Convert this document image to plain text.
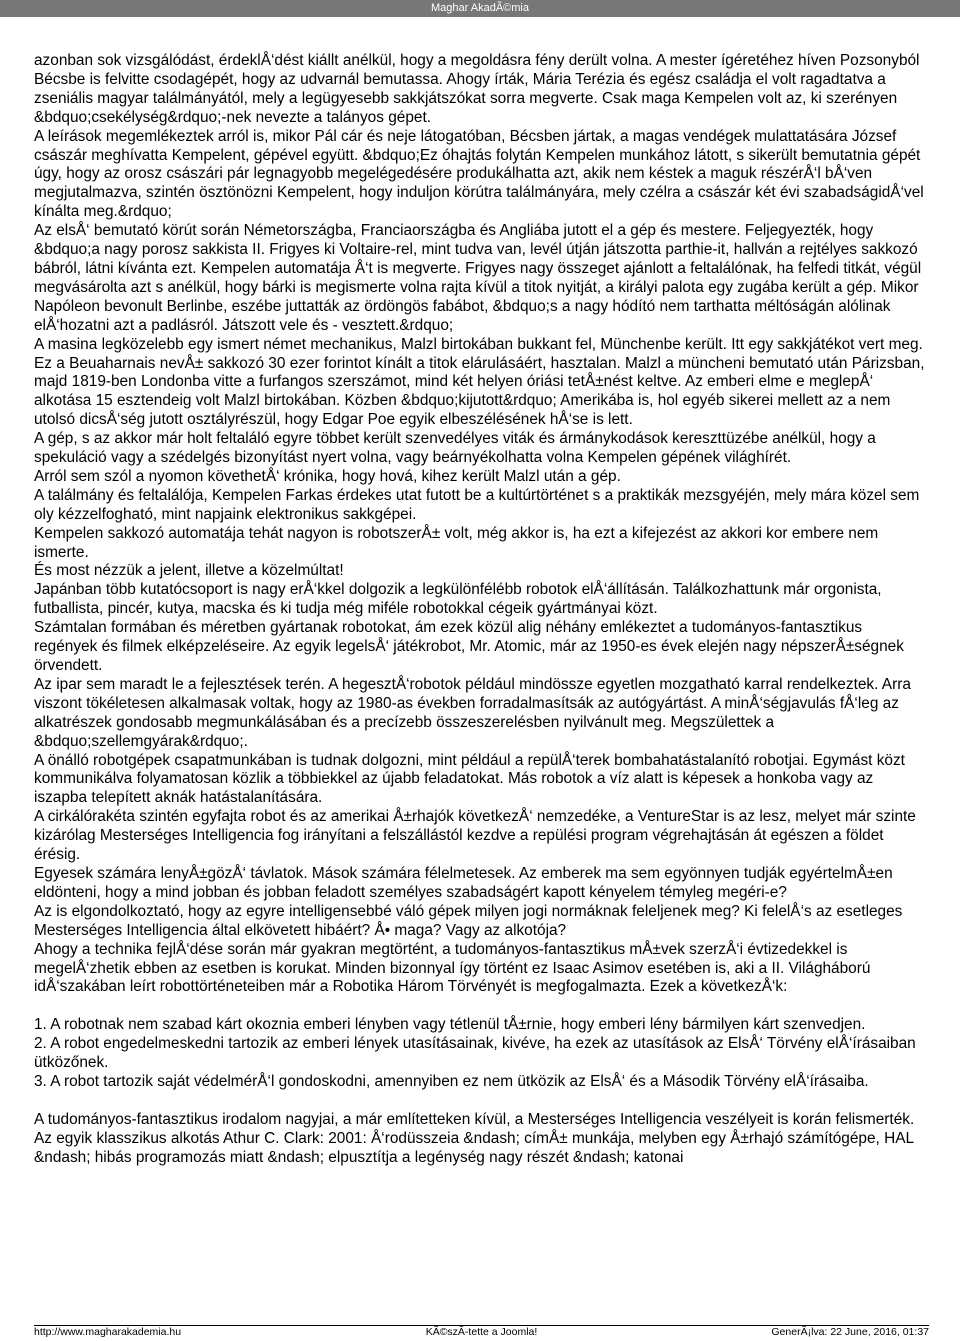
Maghar AkadÃ©mia

azonban sok vizsgálódást, érdeklÅ‘dést kiállt anélkül, hogy a megoldásra fény derült volna. A mester ígéretéhez híven Pozsonyból Bécsbe is felvitte csodagépét, hogy az udvarnál bemutassa. Ahogy írták, Mária Terézia és egész családja el volt ragadtatva a zseniális magyar találmányától, mely a legügyesebb sakkjátszókat sorra megverte. Csak maga Kempelen volt az, ki szerényen &bdquo;csekélység&rdquo;-nek nevezte a talányos gépet.

A leírások megemlékeztek arról is, mikor Pál cár és neje látogatóban, Bécsben jártak, a magas vendégek mulattatására József császár meghívatta Kempelent, gépével együtt. &bdquo;Ez óhajtás folytán Kempelen munkához látott, s sikerült bemutatnia gépét úgy, hogy az orosz császári pár legnagyobb megelégedésére produkálhatta azt, akik nem késtek a maguk részérÅ‘l bÅ‘ven megjutalmazva, szintén ösztönözni Kempelent, hogy induljon körútra találmányára, mely czélra a császár két évi szabadságidÅ‘vel kínálta meg.&rdquo;

Az elsÅ‘ bemutató körút során Németországba, Franciaországba és Angliába jutott el a gép és mestere. Feljegyezték, hogy &bdquo;a nagy porosz sakkista II. Frigyes ki Voltaire-rel, mint tudva van, levél útján játszotta parthie-it, hallván a rejtélyes sakkozó bábról, látni kívánta ezt. Kempelen automatája Å‘t is megverte. Frigyes nagy összeget ajánlott a feltalálónak, ha felfedi titkát, végül megvásárolta azt s anélkül, hogy bárki is megismerte volna rajta kívül a titok nyitját, a királyi palota egy zugába került a gép. Mikor Napóleon bevonult Berlinbe, eszébe juttatták az ördöngös fabábot, &bdquo;s a nagy hódító nem tarthatta méltóságán alólinak elÅ‘hozatni azt a padlásról. Játszott vele és - vesztett.&rdquo;

A masina legközelebb egy ismert német mechanikus, Malzl birtokában bukkant fel, Münchenbe került. Itt egy sakkjátékot vert meg. Ez a Beuaharnais nevÅ± sakkozó 30 ezer forintot kínált a titok elárulásáért, hasztalan. Malzl a müncheni bemutató után Párizsban, majd 1819-ben Londonba vitte a furfangos szerszámot, mind két helyen óriási tetÅ±nést keltve. Az emberi elme e meglepÅ‘ alkotása 15 esztendeig volt Malzl birtokában. Közben &bdquo;kijutott&rdquo; Amerikába is, hol egyéb sikerei mellett az a nem utolsó dicsÅ‘ség jutott osztályrészül, hogy Edgar Poe egyik elbeszélésének hÅ‘se is lett.

A gép, s az akkor már holt feltaláló egyre többet került szenvedélyes viták és ármánykodások kereszttüzébe anélkül, hogy a spekuláció vagy a szédelgés bizonyítást nyert volna, vagy beárnyékolhatta volna Kempelen gépének világhírét.

Arról sem szól a nyomon követhetÅ‘ krónika, hogy hová, kihez került Malzl után a gép.

A találmány és feltalálója, Kempelen Farkas érdekes utat futott be a kultúrtörténet s a praktikák mezsgyéjén, mely mára közel sem oly kézzelfogható, mint napjaink elektronikus sakkgépei.

Kempelen sakkozó automatája tehát nagyon is robotszerÅ± volt, még akkor is, ha ezt a kifejezést az akkori kor embere nem ismerte.

És most nézzük a jelent, illetve a közelmúltat!

Japánban több kutatócsoport is nagy erÅ‘kkel dolgozik a legkülönfélébb robotok elÅ‘állításán. Találkozhattunk már orgonista, futballista, pincér, kutya, macska és ki tudja még miféle robotokkal cégeik gyártmányai közt.

Számtalan formában és méretben gyártanak robotokat, ám ezek közül alig néhány emlékeztet a tudományos-fantasztikus regények és filmek elképzeléseire. Az egyik legelsÅ‘ játékrobot, Mr. Atomic, már az 1950-es évek elején nagy népszerÅ±ségnek örvendett.

Az ipar sem maradt le a fejlesztések terén. A hegesztÅ‘robotok például mindössze egyetlen mozgatható karral rendelkeztek. Arra viszont tökéletesen alkalmasak voltak, hogy az 1980-as években forradalmasítsák az autógyártást. A minÅ‘ségjavulás fÅ‘leg az alkatrészek gondosabb megmunkálásában és a precízebb összeszerelésben nyilvánult meg. Megszülettek a &bdquo;szellemgyárak&rdquo;.

A önálló robotgépek csapatmunkában is tudnak dolgozni, mint például a repülÅ‘terek bombahatástalanító robotjai. Egymást közt kommunikálva folyamatosan közlik a többiekkel az újabb feladatokat. Más robotok a víz alatt is képesek a honkoba vagy az iszapba telepített aknák hatástalanítására.

A cirkálórakéta szintén egyfajta robot és az amerikai Å±rhajók következÅ‘ nemzedéke, a VentureStar is az lesz, melyet már szinte kizárólag Mesterséges Intelligencia fog irányítani a felszállástól kezdve a repülési program végrehajtásán át egészen a földet érésig.

Egyesek számára lenyÅ±gözÅ‘ távlatok. Mások számára félelmetesek. Az emberek ma sem egyönnyen tudják egyértelmÅ±en eldönteni, hogy a mind jobban és jobban feladott személyes szabadságért kapott kényelem témyleg megéri-e?

Az is elgondolkoztató, hogy az egyre intelligensebbé váló gépek milyen jogi normáknak feleljenek meg? Ki felelÅ‘s az esetleges Mesterséges Intelligencia által elkövetett hibáért? Å• maga? Vagy az alkotója?

Ahogy a technika fejlÅ‘dése során már gyakran megtörtént, a tudományos-fantasztikus mÅ±vek szerzÅ‘i évtizedekkel is megelÅ‘zhetik ebben az esetben is korukat. Minden bizonnyal így történt ez Isaac Asimov esetében is, aki a II. Világháború idÅ‘szakában leírt robottörténeteiben már a Robotika Három Törvényét is megfogalmazta. Ezek a következÅ‘k:

1. A robotnak nem szabad kárt okoznia emberi lényben vagy tétlenül tÅ±rnie, hogy emberi lény bármilyen kárt szenvedjen.

2. A robot engedelmeskedni tartozik az emberi lények utasításainak, kivéve, ha ezek az utasítások az ElsÅ‘ Törvény elÅ‘írásaiban ütközőnek.

3. A robot tartozik saját védelmérÅ‘l gondoskodni, amennyiben ez nem ütközik az ElsÅ‘ és a Második Törvény elÅ‘írásaiba.

A tudományos-fantasztikus irodalom nagyjai, a már említetteken kívül, a Mesterséges Intelligencia veszélyeit is korán felismerték. Az egyik klasszikus alkotás Athur C. Clark: 2001: Å‘rodüsszeia &ndash; címÅ± munkája, melyben egy Å±rhajó számítógépe, HAL &ndash; hibás programozás miatt &ndash; elpusztítja a legénység nagy részét &ndash; katonai

http://www.magharakademia.hu	KÃ©szÃ-tette a Joomla!	GenerÃ¡lva: 22 June, 2016, 01:37
